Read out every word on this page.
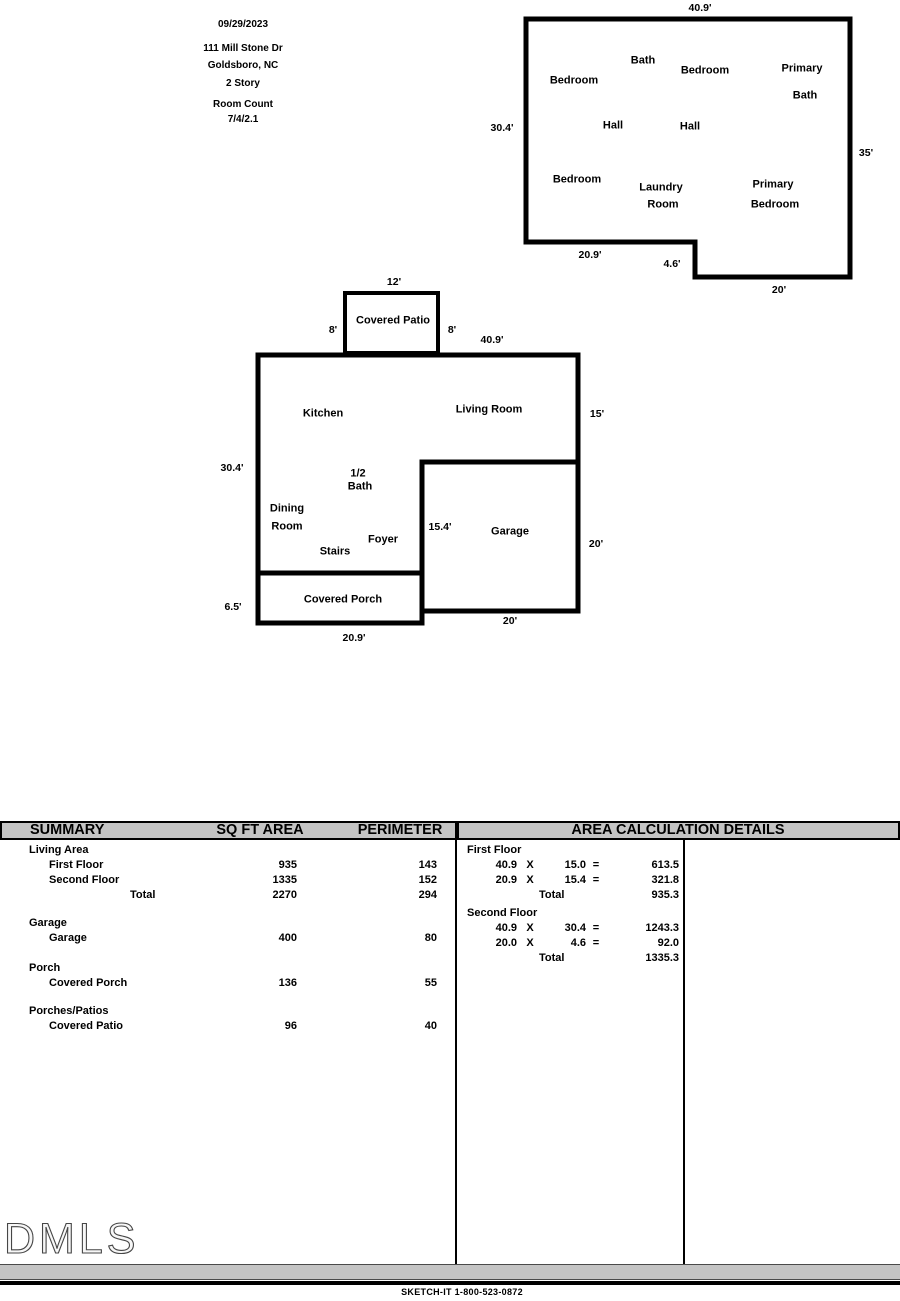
09/29/2023
111 Mill Stone Dr
Goldsboro, NC
2 Story
Room Count
7/4/2.1
40.9'
30.4'
35'
20.9'
4.6'
20'
Bedroom
Bath
Bedroom	Primary
Bath
Hall	Hall
Bedroom
Laundry
Room
Primary
Bedroom
12'
8'	8'
40.9'
15'
30.4'
15.4'
20'
20'
6.5'
20.9'
Covered Patio
Kitchen	Living Room
1/2
Bath
Dining
Room
Foyer
Stairs
Garage
Covered Porch
SUMMARY	SQ FT AREA	PERIMETER	AREA CALCULATION DETAILS
Living Area
First Floor	935	143
Second Floor	1335	152
Total	2270	294
Garage
Garage	400	80
Porch
Covered Porch	136	55
Porches/Patios
Covered Patio	96	40
First Floor
40.9 X	15.0 =	613.5
20.9 X	15.4 =	321.8
Total	935.3
Second Floor
40.9 X	30.4 =	1243.3
20.0 X	4.6 =	92.0
Total	1335.3
DMLS
SKETCH-IT 1-800-523-0872
